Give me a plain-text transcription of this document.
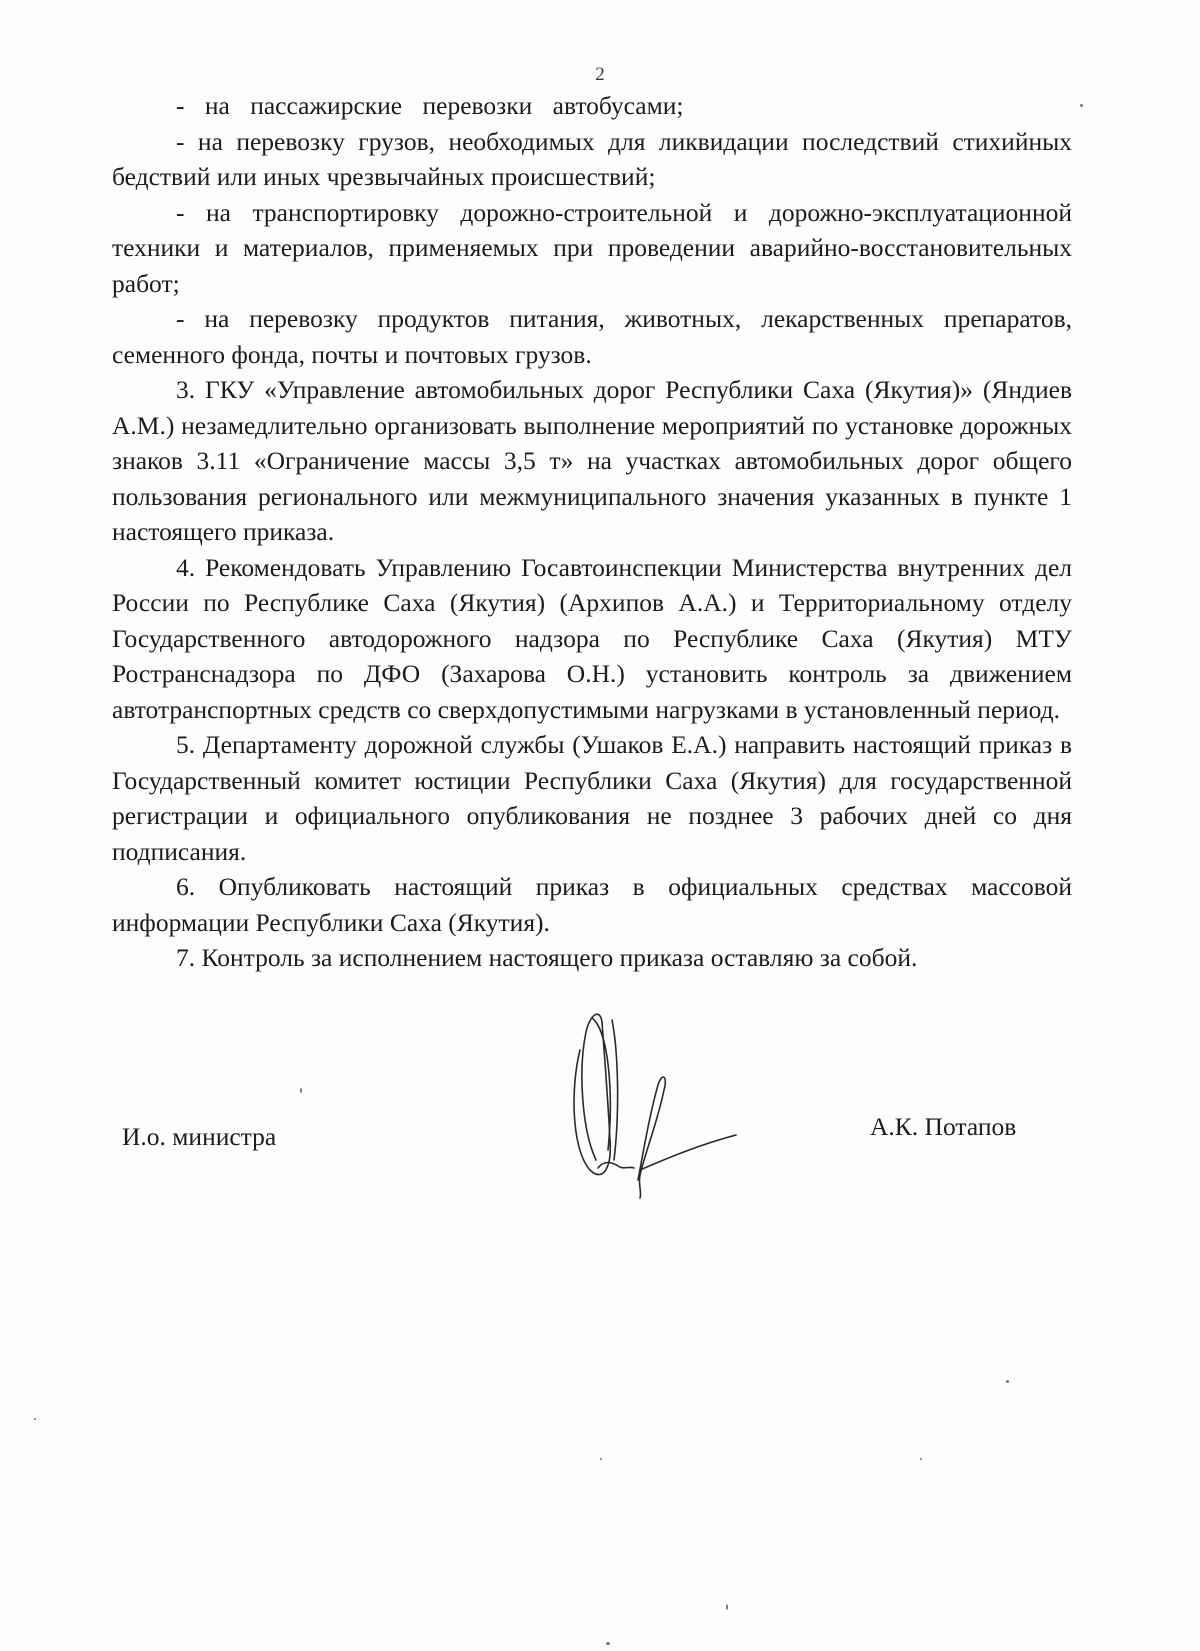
2

- на пассажирские перевозки автобусами;

- на перевозку грузов, необходимых для ликвидации последствий стихийных бедствий или иных чрезвычайных происшествий;

- на транспортировку дорожно-строительной и дорожно-эксплуатационной техники и материалов, применяемых при проведении аварийно-восстановительных работ;

- на перевозку продуктов питания, животных, лекарственных препаратов, семенного фонда, почты и почтовых грузов.

3. ГКУ «Управление автомобильных дорог Республики Саха (Якутия)» (Яндиев А.М.) незамедлительно организовать выполнение мероприятий по установке дорожных знаков 3.11 «Ограничение массы 3,5 т» на участках автомобильных дорог общего пользования регионального или межмуниципального значения указанных в пункте 1 настоящего приказа.

4. Рекомендовать Управлению Госавтоинспекции Министерства внутренних дел России по Республике Саха (Якутия) (Архипов А.А.) и Территориальному отделу Государственного автодорожного надзора по Республике Саха (Якутия) МТУ Ространснадзора по ДФО (Захарова О.Н.) установить контроль за движением автотранспортных средств со сверхдопустимыми нагрузками в установленный период.

5. Департаменту дорожной службы (Ушаков Е.А.) направить настоящий приказ в Государственный комитет юстиции Республики Саха (Якутия) для государственной регистрации и официального опубликования не позднее 3 рабочих дней со дня подписания.

6. Опубликовать настоящий приказ в официальных средствах массовой информации Республики Саха (Якутия).

7. Контроль за исполнением настоящего приказа оставляю за собой.

И.о. министра	А.К. Потапов
